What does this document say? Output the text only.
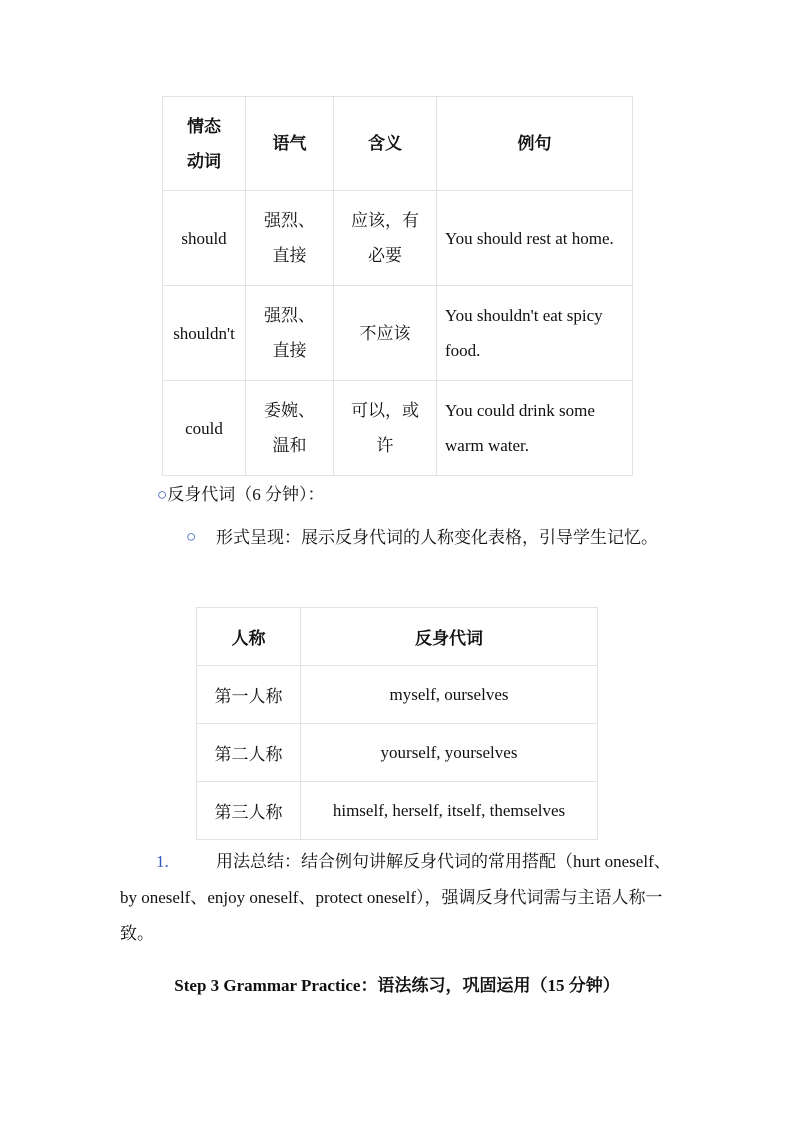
情态动词	语气	含义	例句
should	强烈、直接	应该，有必要	You should rest at home.
shouldn't	强烈、直接	不应该	You shouldn't eat spicy food.
could	委婉、温和	可以，或许	You could drink some warm water.
○反身代词（6 分钟）：
○	形式呈现：展示反身代词的人称变化表格，引导学生记忆。
人称	反身代词
第一人称	myself, ourselves
第二人称	yourself, yourselves
第三人称	himself, herself, itself, themselves
1.	用法总结：结合例句讲解反身代词的常用搭配（hurt oneself、by oneself、enjoy oneself、protect oneself），强调反身代词需与主语人称一致。
Step 3 Grammar Practice：语法练习，巩固运用（15 分钟）
